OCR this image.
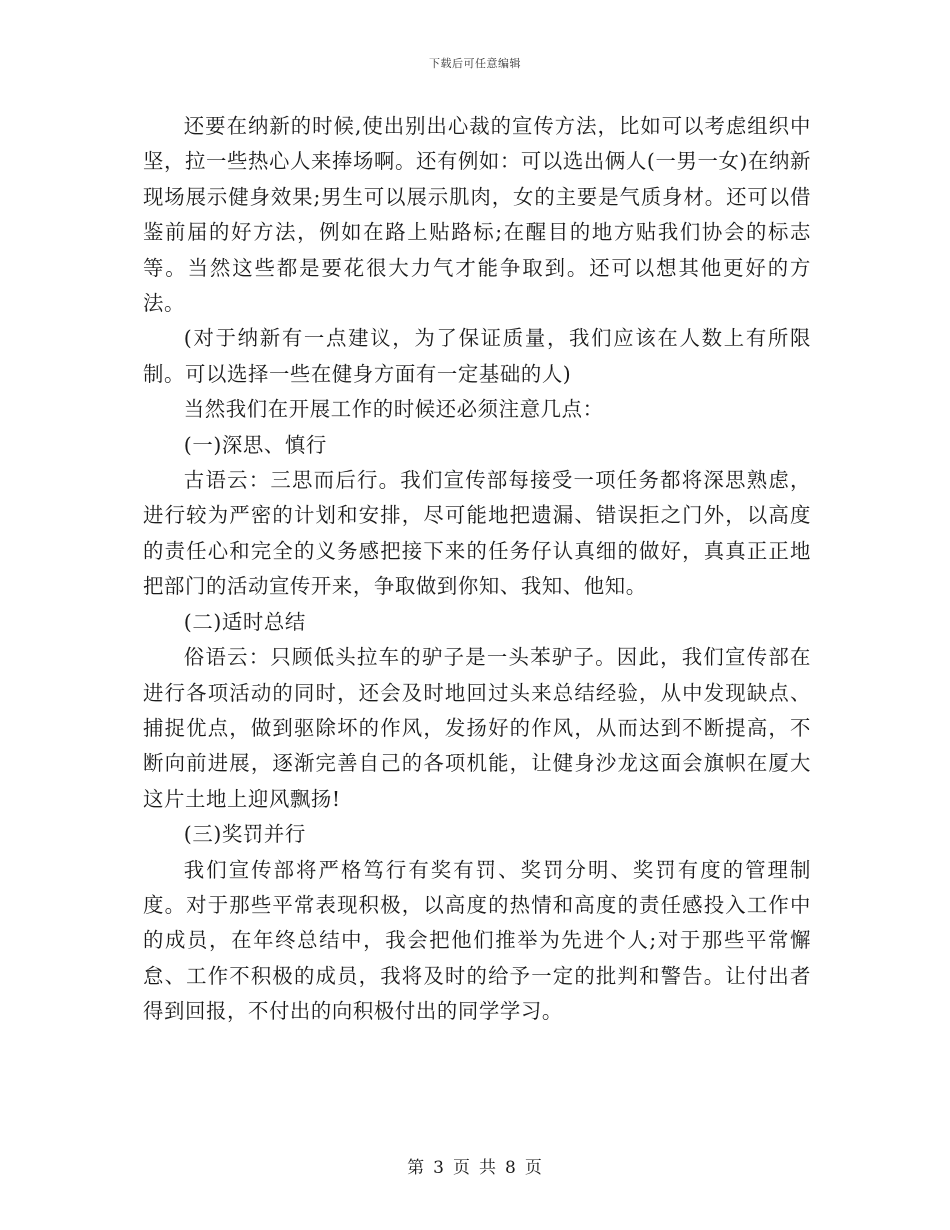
下载后可任意编辑

还要在纳新的时候,使出别出心裁的宣传方法，比如可以考虑组织中坚，拉一些热心人来捧场啊。还有例如：可以选出俩人(一男一女)在纳新现场展示健身效果;男生可以展示肌肉，女的主要是气质身材。还可以借鉴前届的好方法，例如在路上贴路标;在醒目的地方贴我们协会的标志等。当然这些都是要花很大力气才能争取到。还可以想其他更好的方法。

(对于纳新有一点建议，为了保证质量，我们应该在人数上有所限制。可以选择一些在健身方面有一定基础的人)

当然我们在开展工作的时候还必须注意几点：

(一)深思、慎行

古语云：三思而后行。我们宣传部每接受一项任务都将深思熟虑，进行较为严密的计划和安排，尽可能地把遗漏、错误拒之门外，以高度的责任心和完全的义务感把接下来的任务仔认真细的做好，真真正正地把部门的活动宣传开来，争取做到你知、我知、他知。

(二)适时总结

俗语云：只顾低头拉车的驴子是一头苯驴子。因此，我们宣传部在进行各项活动的同时，还会及时地回过头来总结经验，从中发现缺点、捕捉优点，做到驱除坏的作风，发扬好的作风，从而达到不断提高，不断向前进展，逐渐完善自己的各项机能，让健身沙龙这面会旗帜在厦大这片土地上迎风飘扬!

(三)奖罚并行

我们宣传部将严格笃行有奖有罚、奖罚分明、奖罚有度的管理制度。对于那些平常表现积极，以高度的热情和高度的责任感投入工作中的成员，在年终总结中，我会把他们推举为先进个人;对于那些平常懈怠、工作不积极的成员，我将及时的给予一定的批判和警告。让付出者得到回报，不付出的向积极付出的同学学习。

第 3 页 共 8 页
